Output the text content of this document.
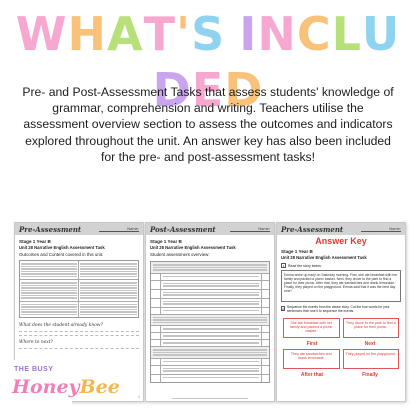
WHAT'S INCLUDED
Pre- and Post-Assessment Tasks that assess students' knowledge of grammar, comprehension and writing. Teachers utilise the assessment overview section to assess the outcomes and indicators explored throughout the unit. An answer key has also been included for the pre- and post-assessment tasks!
Pre-Assessment	Name:
Stage 1 Year B
Unit 28 Narrative English Assessment Task
Outcomes and Content covered in this unit:
What does the student already know?
Where to next?
©
Post-Assessment	Name:
Stage 1 Year B
Unit 28 Narrative English Assessment Task
Student assessment overview:
Pre-Assessment	Name:
Answer Key
Stage 1 Year B
Unit 28 Narrative English Assessment Task
1	Read the story below.
Emma woke up early on Saturday morning. First, she ate breakfast with her family and packed a picnic basket. Next, they drove to the park to find a place for their picnic. After that, they ate sandwiches and drank lemonade. Finally, they played on the playground. Emma said that it was the best day ever!
2 Sequence the events from the above story. Cut the four words for your sentences then use it to sequence the events.
She ate breakfast with her family and packed a picnic basket.
They drove to the park to find a place for their picnic.
First	Next
They ate sandwiches and drank lemonade.
They played on the playground.
After that	Finally
THE BUSY
HoneyBee
